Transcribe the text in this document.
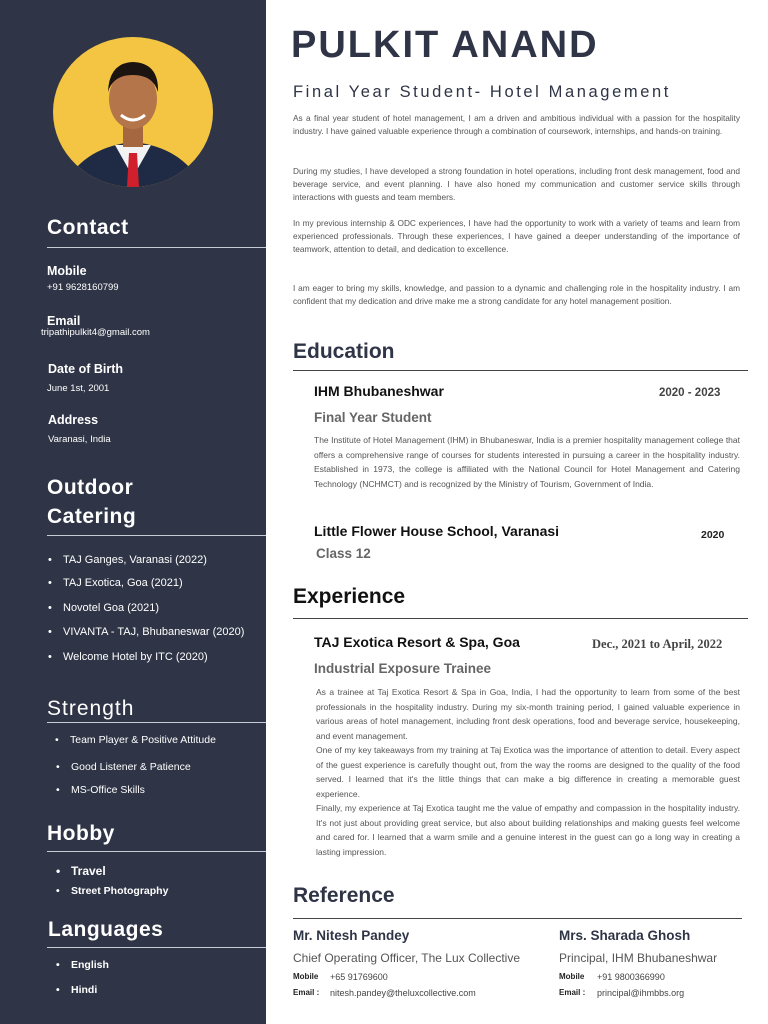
Contact
Mobile
+91 9628160799
Email
tripathipulkit4@gmail.com
Date of Birth
June 1st, 2001
Address
Varanasi, India
Outdoor
Catering
• TAJ Ganges, Varanasi (2022)
• TAJ Exotica, Goa (2021)
• Novotel Goa (2021)
• VIVANTA - TAJ, Bhubaneswar (2020)
• Welcome Hotel by ITC (2020)
Strength
• Team Player & Positive Attitude
• Good Listener & Patience
• MS-Office Skills
Hobby
• Travel
• Street Photography
Languages
• English
• Hindi
PULKIT ANAND
Final Year Student- Hotel Management

As a final year student of hotel management, I am a driven and ambitious individual with a passion for the hospitality industry. I have gained valuable experience through a combination of coursework, internships, and hands-on training.

During my studies, I have developed a strong foundation in hotel operations, including front desk management, food and beverage service, and event planning. I have also honed my communication and customer service skills through interactions with guests and team members.

In my previous internship & ODC experiences, I have had the opportunity to work with a variety of teams and learn from experienced professionals. Through these experiences, I have gained a deeper understanding of the importance of teamwork, attention to detail, and dedication to excellence.

I am eager to bring my skills, knowledge, and passion to a dynamic and challenging role in the hospitality industry. I am confident that my dedication and drive make me a strong candidate for any hotel management position.

Education
IHM Bhubaneshwar	2020 - 2023
Final Year Student

The Institute of Hotel Management (IHM) in Bhubaneswar, India is a premier hospitality management college that offers a comprehensive range of courses for students interested in pursuing a career in the hospitality industry. Established in 1973, the college is affiliated with the National Council for Hotel Management and Catering Technology (NCHMCT) and is recognized by the Ministry of Tourism, Government of India.

Little Flower House School, Varanasi	2020
Class 12
Experience
TAJ Exotica Resort & Spa, Goa	Dec., 2021 to April, 2022
Industrial Exposure Trainee

As a trainee at Taj Exotica Resort & Spa in Goa, India, I had the opportunity to learn from some of the best professionals in the hospitality industry. During my six-month training period, I gained valuable experience in various areas of hotel management, including front desk operations, food and beverage service, housekeeping, and event management.

One of my key takeaways from my training at Taj Exotica was the importance of attention to detail. Every aspect of the guest experience is carefully thought out, from the way the rooms are designed to the quality of the food served. I learned that it's the little things that can make a big difference in creating a memorable guest experience.

Finally, my experience at Taj Exotica taught me the value of empathy and compassion in the hospitality industry. It's not just about providing great service, but also about building relationships and making guests feel welcome and cared for. I learned that a warm smile and a genuine interest in the guest can go a long way in creating a lasting impression.

Reference
Mr. Nitesh Pandey
Chief Operating Officer, The Lux Collective
Mobile +65 91769600
Email : nitesh.pandey@theluxcollective.com
Mrs. Sharada Ghosh
Principal, IHM Bhubaneshwar
Mobile +91 9800366990
Email : principal@ihmbbs.org
